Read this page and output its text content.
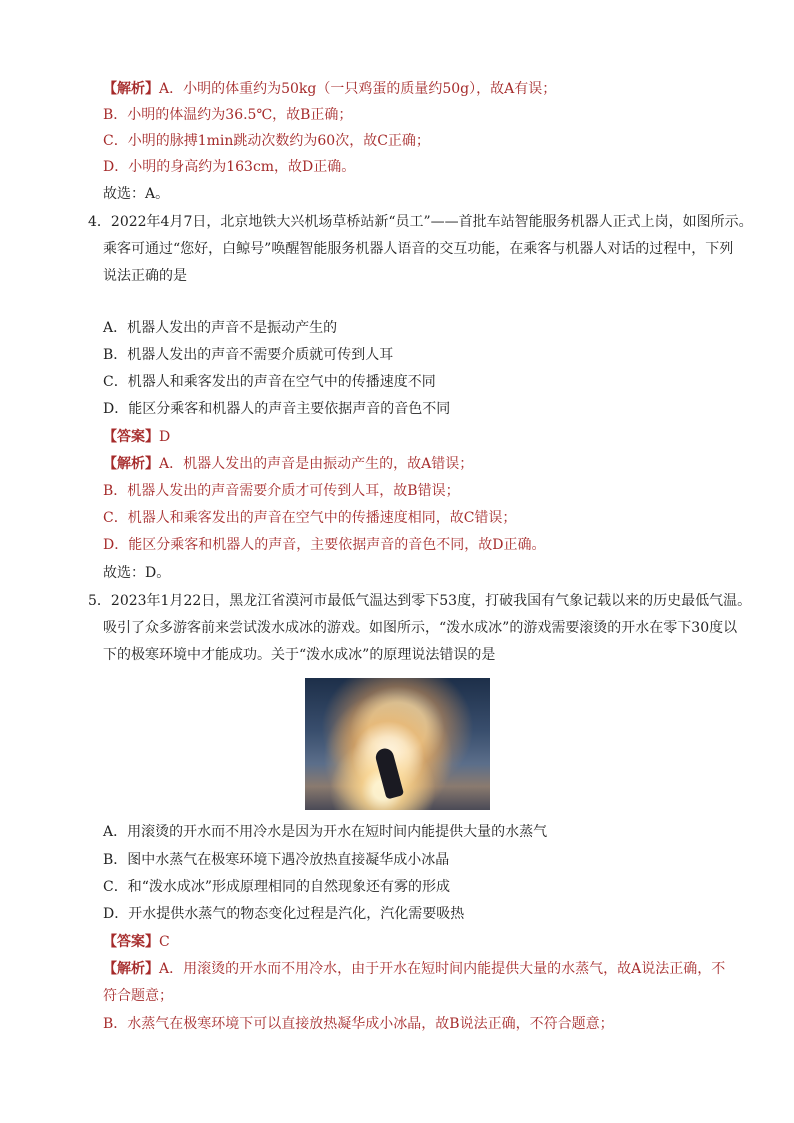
【解析】A．小明的体重约为50kg（一只鸡蛋的质量约50g），故A有误；
B．小明的体温约为36.5℃，故B正确；
C．小明的脉搏1min跳动次数约为60次，故C正确；
D．小明的身高约为163cm，故D正确。
故选：A。
4．2022年4月7日，北京地铁大兴机场草桥站新“员工”——首批车站智能服务机器人正式上岗，如图所示。
乘客可通过“您好，白鲸号”唤醒智能服务机器人语音的交互功能，在乘客与机器人对话的过程中，下列
说法正确的是
A．机器人发出的声音不是振动产生的
B．机器人发出的声音不需要介质就可传到人耳
C．机器人和乘客发出的声音在空气中的传播速度不同
D．能区分乘客和机器人的声音主要依据声音的音色不同
【答案】D
【解析】A．机器人发出的声音是由振动产生的，故A错误；
B．机器人发出的声音需要介质才可传到人耳，故B错误；
C．机器人和乘客发出的声音在空气中的传播速度相同，故C错误；
D．能区分乘客和机器人的声音，主要依据声音的音色不同，故D正确。
故选：D。
5．2023年1月22日，黑龙江省漠河市最低气温达到零下53度，打破我国有气象记载以来的历史最低气温。
吸引了众多游客前来尝试泼水成冰的游戏。如图所示，“泼水成冰”的游戏需要滚烫的开水在零下30度以
下的极寒环境中才能成功。关于“泼水成冰”的原理说法错误的是
A．用滚烫的开水而不用冷水是因为开水在短时间内能提供大量的水蒸气
B．图中水蒸气在极寒环境下遇冷放热直接凝华成小冰晶
C．和“泼水成冰”形成原理相同的自然现象还有雾的形成
D．开水提供水蒸气的物态变化过程是汽化，汽化需要吸热
【答案】C
【解析】A．用滚烫的开水而不用冷水，由于开水在短时间内能提供大量的水蒸气，故A说法正确，不
符合题意；
B．水蒸气在极寒环境下可以直接放热凝华成小冰晶，故B说法正确，不符合题意；
